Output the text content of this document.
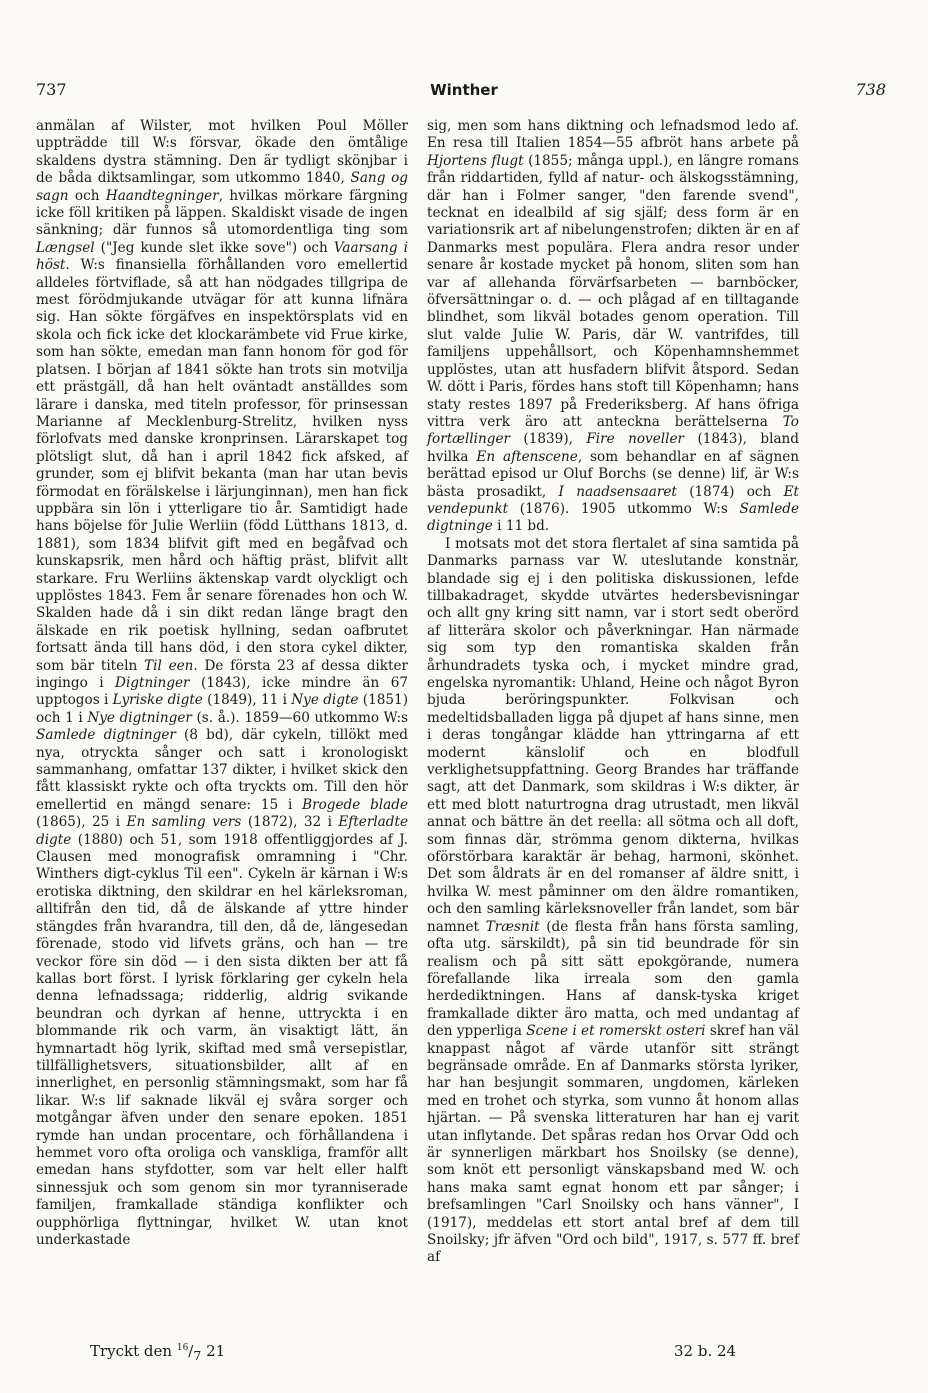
737	Winther	738

anmälan af Wilster, mot hvilken Poul Möller uppträdde till W:s försvar, ökade den ömtålige skaldens dystra stämning. Den är tydligt skönjbar i de båda diktsamlingar, som utkommo 1840, Sang og sagn och Haandtegninger, hvilkas mörkare färgning icke föll kritiken på läppen. Skaldiskt visade de ingen sänkning; där funnos så utomordentliga ting som Længsel ("Jeg kunde slet ikke sove") och Vaarsang i höst. W:s finansiella förhållanden voro emellertid alldeles förtviflade, så att han nödgades tillgripa de mest förödmjukande utvägar för att kunna lifnära sig. Han sökte förgäfves en inspektörsplats vid en skola och fick icke det klockarämbete vid Frue kirke, som han sökte, emedan man fann honom för god för platsen. I början af 1841 sökte han trots sin motvilja ett prästgäll, då han helt oväntadt anställdes som lärare i danska, med titeln professor, för prinsessan Marianne af Mecklenburg-Strelitz, hvilken nyss förlofvats med danske kronprinsen. Lärarskapet tog plötsligt slut, då han i april 1842 fick afsked, af grunder, som ej blifvit bekanta (man har utan bevis förmodat en förälskelse i lärjunginnan), men han fick uppbära sin lön i ytterligare tio år. Samtidigt hade hans böjelse för Julie Werliin (född Lütthans 1813, d. 1881), som 1834 blifvit gift med en begåfvad och kunskapsrik, men hård och häftig präst, blifvit allt starkare. Fru Werliins äktenskap vardt olyckligt och upplöstes 1843. Fem år senare förenades hon och W. Skalden hade då i sin dikt redan länge bragt den älskade en rik poetisk hyllning, sedan oafbrutet fortsatt ända till hans död, i den stora cykel dikter, som bär titeln Til een. De första 23 af dessa dikter ingingo i Digtninger (1843), icke mindre än 67 upptogos i Lyriske digte (1849), 11 i Nye digte (1851) och 1 i Nye digtninger (s. å.). 1859—60 utkommo W:s Samlede digtninger (8 bd), där cykeln, tillökt med nya, otryckta sånger och satt i kronologiskt sammanhang, omfattar 137 dikter, i hvilket skick den fått klassiskt rykte och ofta tryckts om. Till den hör emellertid en mängd senare: 15 i Brogede blade (1865), 25 i En samling vers (1872), 32 i Efterladte digte (1880) och 51, som 1918 offentliggjordes af J. Clausen med monografisk omramning i "Chr. Winthers digt-cyklus Til een". Cykeln är kärnan i W:s erotiska diktning, den skildrar en hel kärleksroman, alltifrån den tid, då de älskande af yttre hinder stängdes från hvarandra, till den, då de, längesedan förenade, stodo vid lifvets gräns, och han — tre veckor före sin död — i den sista dikten ber att få kallas bort först. I lyrisk förklaring ger cykeln hela denna lefnadssaga; ridderlig, aldrig svikande beundran och dyrkan af henne, uttryckta i en blommande rik och varm, än visaktigt lätt, än hymnartadt hög lyrik, skiftad med små versepistlar, tillfällighetsvers, situationsbilder, allt af en innerlighet, en personlig stämningsmakt, som har få likar. W:s lif saknade likväl ej svåra sorger och motgångar äfven under den senare epoken. 1851 rymde han undan procentare, och förhållandena i hemmet voro ofta oroliga och vanskliga, framför allt emedan hans styfdotter, som var helt eller halft sinnessjuk och som genom sin mor tyranniserade familjen, framkallade ständiga konflikter och oupphörliga flyttningar, hvilket W. utan knot underkastade

sig, men som hans diktning och lefnadsmod ledo af. En resa till Italien 1854—55 afbröt hans arbete på Hjortens flugt (1855; många uppl.), en längre romans från riddartiden, fylld af natur- och älskogsstämning, där han i Folmer sanger, "den farende svend", tecknat en idealbild af sig själf; dess form är en variationsrik art af nibelungenstrofen; dikten är en af Danmarks mest populära. Flera andra resor under senare år kostade mycket på honom, sliten som han var af allehanda förvärfsarbeten — barnböcker, öfversättningar o. d. — och plågad af en tilltagande blindhet, som likväl botades genom operation. Till slut valde Julie W. Paris, där W. vantrifdes, till familjens uppehållsort, och Köpenhamnshemmet upplöstes, utan att husfadern blifvit åtspord. Sedan W. dött i Paris, fördes hans stoft till Köpenhamn; hans staty restes 1897 på Frederiksberg. Af hans öfriga vittra verk äro att anteckna berättelserna To fortællinger (1839), Fire noveller (1843), bland hvilka En aftenscene, som behandlar en af sägnen berättad episod ur Oluf Borchs (se denne) lif, är W:s bästa prosadikt, I naadsensaaret (1874) och Et vendepunkt (1876). 1905 utkommo W:s Samlede digtninge i 11 bd.

I motsats mot det stora flertalet af sina samtida på Danmarks parnass var W. uteslutande konstnär, blandade sig ej i den politiska diskussionen, lefde tillbakadraget, skydde utvärtes hedersbevisningar och allt gny kring sitt namn, var i stort sedt oberörd af litterära skolor och påverkningar. Han närmade sig som typ den romantiska skalden från århundradets tyska och, i mycket mindre grad, engelska nyromantik: Uhland, Heine och något Byron bjuda beröringspunkter. Folkvisan och medeltidsballaden ligga på djupet af hans sinne, men i deras tongångar klädde han yttringarna af ett modernt känslolif och en blodfull verklighetsuppfattning. Georg Brandes har träffande sagt, att det Danmark, som skildras i W:s dikter, är ett med blott naturtrogna drag utrustadt, men likväl annat och bättre än det reella: all sötma och all doft, som finnas där, strömma genom dikterna, hvilkas oförstörbara karaktär är behag, harmoni, skönhet. Det som åldrats är en del romanser af äldre snitt, i hvilka W. mest påminner om den äldre romantiken, och den samling kärleksnoveller från landet, som bär namnet Træsnit (de flesta från hans första samling, ofta utg. särskildt), på sin tid beundrade för sin realism och på sitt sätt epokgörande, numera förefallande lika irreala som den gamla herdediktningen. Hans af dansk-tyska kriget framkallade dikter äro matta, och med undantag af den ypperliga Scene i et romerskt osteri skref han väl knappast något af värde utanför sitt strängt begränsade område. En af Danmarks största lyriker, har han besjungit sommaren, ungdomen, kärleken med en trohet och styrka, som vunno åt honom allas hjärtan. — På svenska litteraturen har han ej varit utan inflytande. Det spåras redan hos Orvar Odd och är synnerligen märkbart hos Snoilsky (se denne), som knöt ett personligt vänskapsband med W. och hans maka samt egnat honom ett par sånger; i brefsamlingen "Carl Snoilsky och hans vänner", I (1917), meddelas ett stort antal bref af dem till Snoilsky; jfr äfven "Ord och bild", 1917, s. 577 ff. bref af

Tryckt den $^{16}/_7$ 21	32 b. 24
